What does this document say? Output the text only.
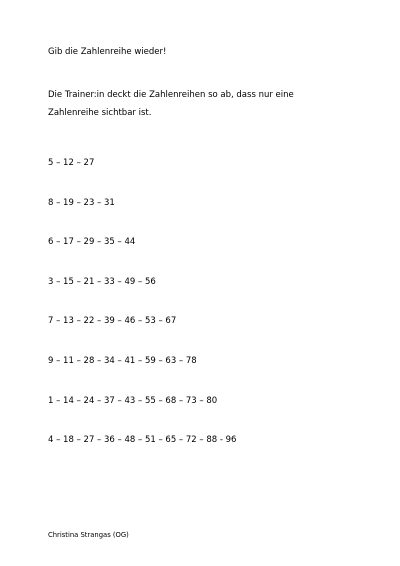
Gib die Zahlenreihe wieder!
Die Trainer:in deckt die Zahlenreihen so ab, dass nur eine
Zahlenreihe sichtbar ist.
5 – 12 – 27
8 – 19 – 23 – 31
6 – 17 – 29 – 35 – 44
3 – 15 – 21 – 33 – 49 – 56
7 – 13 – 22 – 39 – 46 – 53 – 67
9 – 11 – 28 – 34 – 41 – 59 – 63 – 78
1 – 14 – 24 – 37 – 43 – 55 – 68 – 73 – 80
4 – 18 – 27 – 36 – 48 – 51 – 65 – 72 – 88 - 96
Christina Strangas (OG)
